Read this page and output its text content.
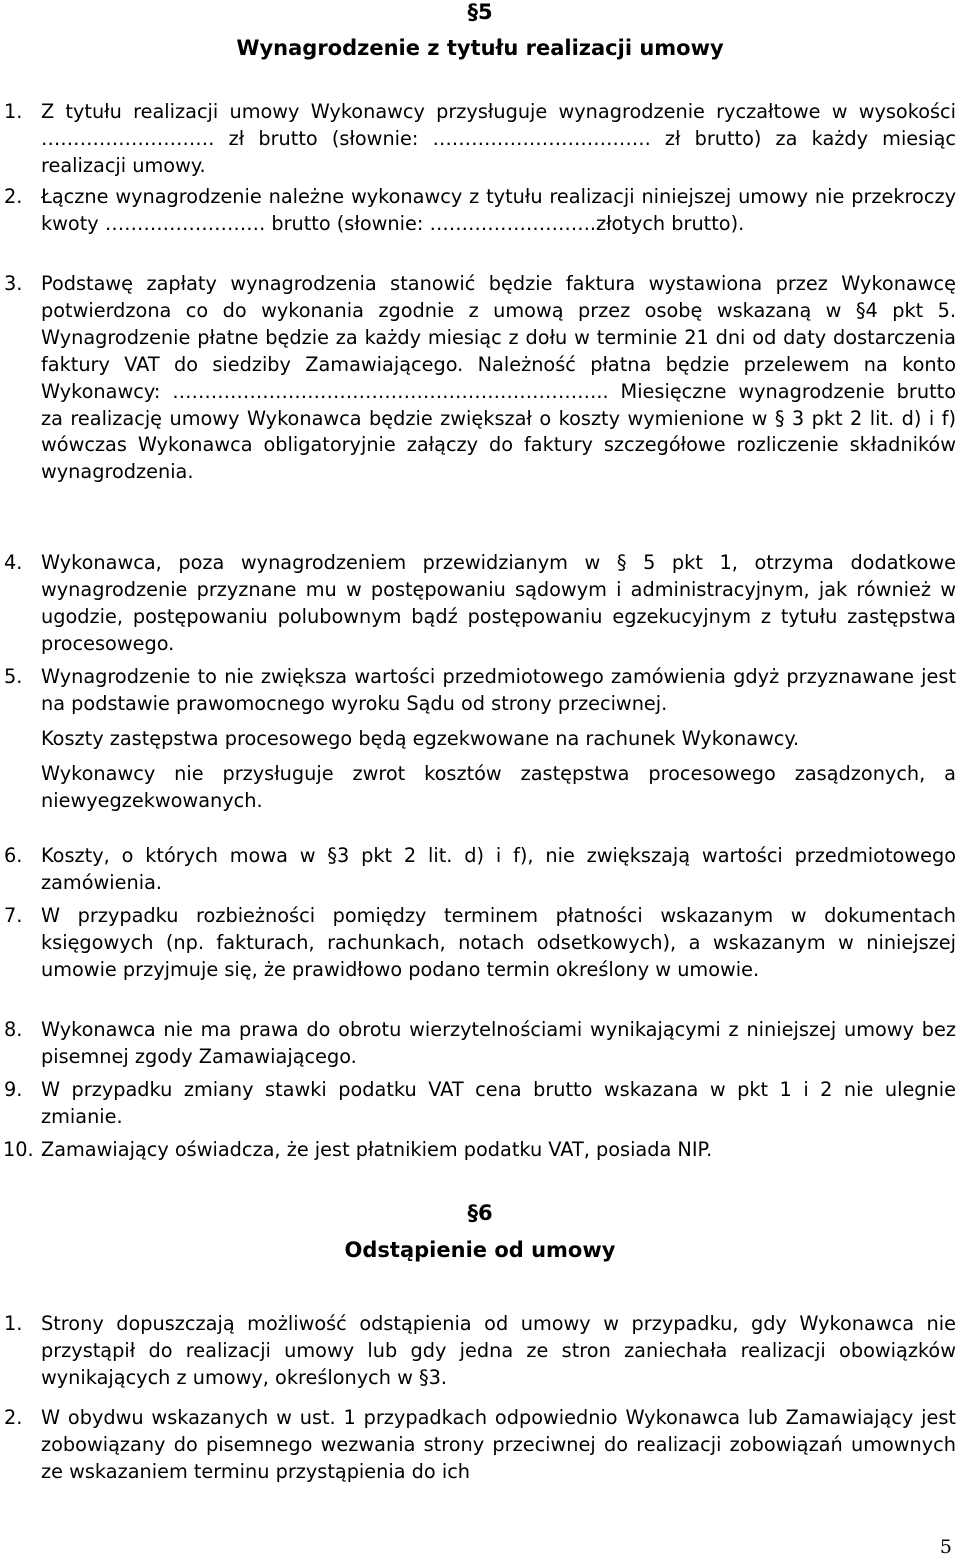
§5
Wynagrodzenie z tytułu realizacji umowy
1. Z tytułu realizacji umowy Wykonawcy przysługuje wynagrodzenie ryczałtowe w wysokości ……………………… zł brutto (słownie: ……………………………. zł brutto) za każdy miesiąc realizacji umowy.

2. Łączne wynagrodzenie należne wykonawcy z tytułu realizacji niniejszej umowy nie przekroczy kwoty ……………………. brutto (słownie: ……………………..złotych brutto).

3. Podstawę zapłaty wynagrodzenia stanowić będzie faktura wystawiona przez Wykonawcę potwierdzona co do wykonania zgodnie z umową przez osobę wskazaną w §4 pkt 5. Wynagrodzenie płatne będzie za każdy miesiąc z dołu w terminie 21 dni od daty dostarczenia faktury VAT do siedziby Zamawiającego. Należność płatna będzie przelewem na konto Wykonawcy: ………………………………………………………….. Miesięczne wynagrodzenie brutto za realizację umowy Wykonawca będzie zwiększał o koszty wymienione w § 3 pkt 2 lit. d) i f) wówczas Wykonawca obligatoryjnie załączy do faktury szczegółowe rozliczenie składników wynagrodzenia.

4. Wykonawca, poza wynagrodzeniem przewidzianym w § 5 pkt 1, otrzyma dodatkowe wynagrodzenie przyznane mu w postępowaniu sądowym i administracyjnym, jak również w ugodzie, postępowaniu polubownym bądź postępowaniu egzekucyjnym z tytułu zastępstwa procesowego.

5. Wynagrodzenie to nie zwiększa wartości przedmiotowego zamówienia gdyż przyznawane jest na podstawie prawomocnego wyroku Sądu od strony przeciwnej.

Koszty zastępstwa procesowego będą egzekwowane na rachunek Wykonawcy.

Wykonawcy nie przysługuje zwrot kosztów zastępstwa procesowego zasądzonych, a niewyegzekwowanych.

6. Koszty, o których mowa w §3 pkt 2 lit. d) i f), nie zwiększają wartości przedmiotowego zamówienia.

7. W przypadku rozbieżności pomiędzy terminem płatności wskazanym w dokumentach księgowych (np. fakturach, rachunkach, notach odsetkowych), a wskazanym w niniejszej umowie przyjmuje się, że prawidłowo podano termin określony w umowie.

8. Wykonawca nie ma prawa do obrotu wierzytelnościami wynikającymi z niniejszej umowy bez pisemnej zgody Zamawiającego.

9. W przypadku zmiany stawki podatku VAT cena brutto wskazana w pkt 1 i 2 nie ulegnie zmianie.

10. Zamawiający oświadcza, że jest płatnikiem podatku VAT, posiada NIP.

§6
Odstąpienie od umowy
1. Strony dopuszczają możliwość odstąpienia od umowy w przypadku, gdy Wykonawca nie przystąpił do realizacji umowy lub gdy jedna ze stron zaniechała realizacji obowiązków wynikających z umowy, określonych w §3.

2. W obydwu wskazanych w ust. 1 przypadkach odpowiednio Wykonawca lub Zamawiający jest zobowiązany do pisemnego wezwania strony przeciwnej do realizacji zobowiązań umownych ze wskazaniem terminu przystąpienia do ich

5
